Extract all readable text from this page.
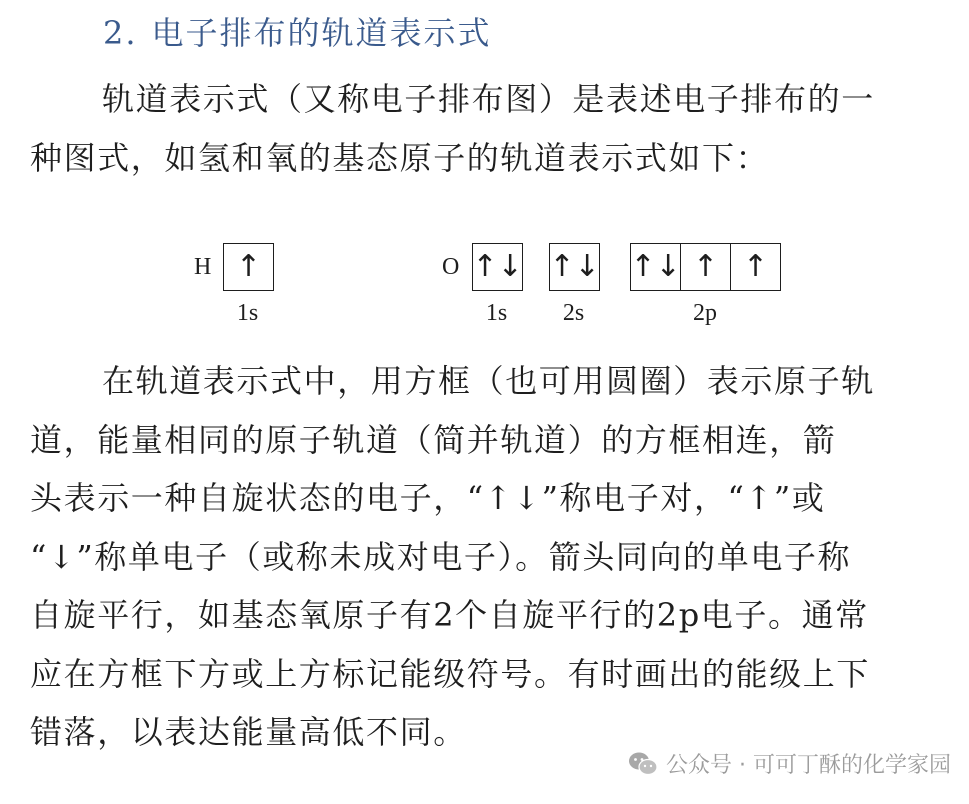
2. 电子排布的轨道表示式
轨道表示式（又称电子排布图）是表述电子排布的一
种图式，如氢和氧的基态原子的轨道表示式如下：
H ↑
1s
O ↑↓
1s
↑↓
2s
↑↓ ↑ ↑
2p
在轨道表示式中，用方框（也可用圆圈）表示原子轨
道，能量相同的原子轨道（简并轨道）的方框相连，箭
头表示一种自旋状态的电子，“↑↓”称电子对，“↑”或
“↓”称单电子（或称未成对电子）。箭头同向的单电子称
自旋平行，如基态氧原子有2个自旋平行的2p电子。通常
应在方框下方或上方标记能级符号。有时画出的能级上下
错落，以表达能量高低不同。
公众号 · 可可丁酥的化学家园
